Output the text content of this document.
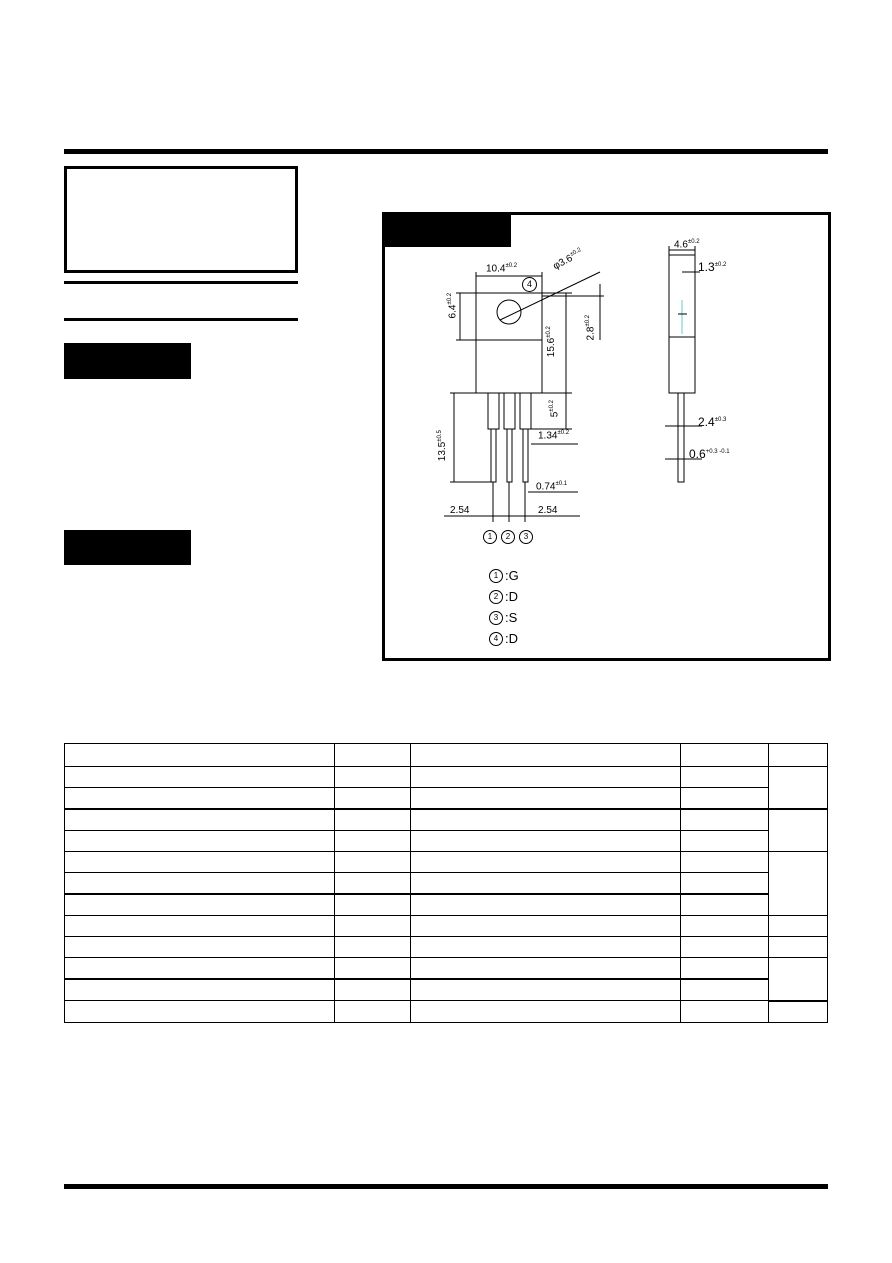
$10.4^{\pm 0.2}$	$\varphi 3.6^{\pm 0.2}$
4
$6.4^{\pm 0.2}$
$15.6^{\pm 0.2}$	$2.8^{\pm 0.2}$
$5^{\pm 0.2}$
$13.5^{\pm 0.5}$	$1.34^{\pm 0.2}$
$0.74^{\pm 0.1}$
2.54	2.54
$4.6^{\pm 0.2}$
$1.3^{\pm 0.2}$
$2.4^{\pm 0.3}$
$0.6^{+0.3 -0.1}$
1	2	3
1 :G
2 :D
3 :S
4 :D
